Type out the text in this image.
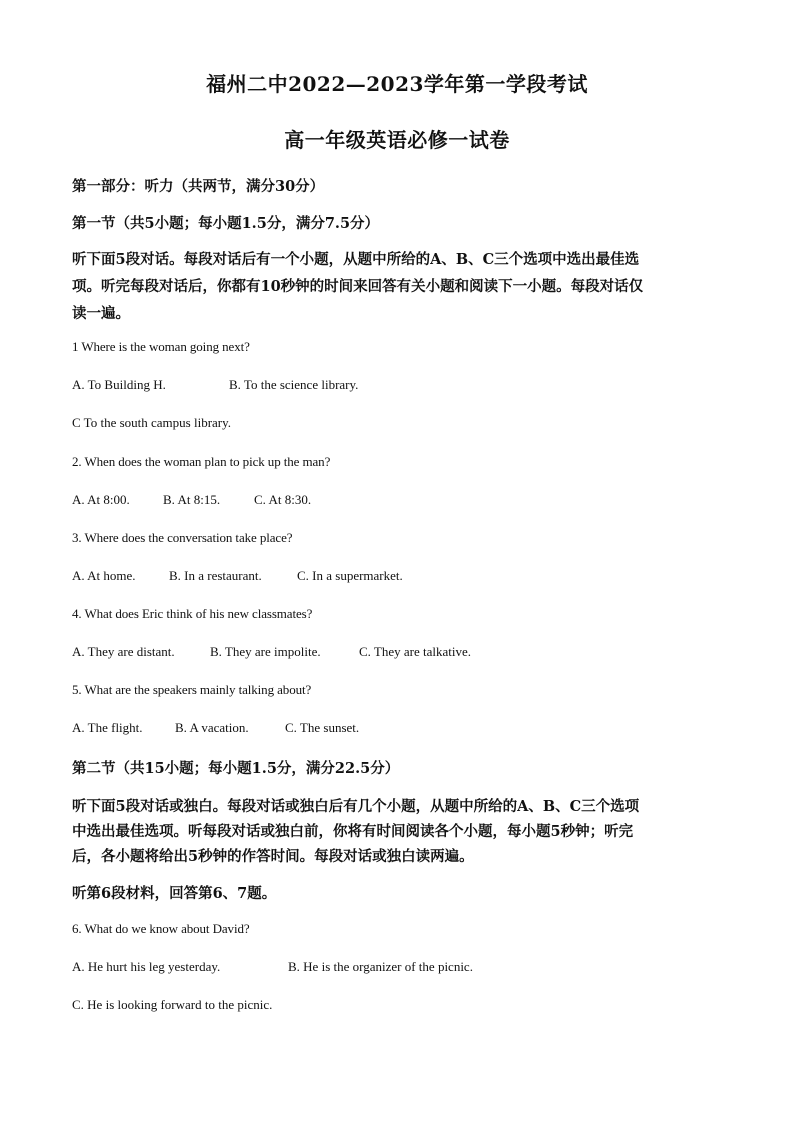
福州二中2022—2023学年第一学段考试
高一年级英语必修一试卷
第一部分：听力（共两节，满分30分）
第一节（共5小题；每小题1.5分，满分7.5分）
听下面5段对话。每段对话后有一个小题，从题中所给的A、B、C三个选项中选出最佳选
项。听完每段对话后，你都有10秒钟的时间来回答有关小题和阅读下一小题。每段对话仅
读一遍。
1 Where is the woman going next?
A. To Building H.	B. To the science library.
C To the south campus library.
2. When does the woman plan to pick up the man?
A. At 8:00.	B. At 8:15.	C. At 8:30.
3. Where does the conversation take place?
A. At home.	B. In a restaurant.	C. In a supermarket.
4. What does Eric think of his new classmates?
A. They are distant.	B. They are impolite.	C. They are talkative.
5. What are the speakers mainly talking about?
A. The flight. B. A vacation.	C. The sunset.
第二节（共15小题；每小题1.5分，满分22.5分）
听下面5段对话或独白。每段对话或独白后有几个小题，从题中所给的A、B、C三个选项
中选出最佳选项。听每段对话或独白前，你将有时间阅读各个小题，每小题5秒钟；听完
后，各小题将给出5秒钟的作答时间。每段对话或独白读两遍。
听第6段材料，回答第6、7题。
6. What do we know about David?
A. He hurt his leg yesterday.	B. He is the organizer of the picnic.
C. He is looking forward to the picnic.
